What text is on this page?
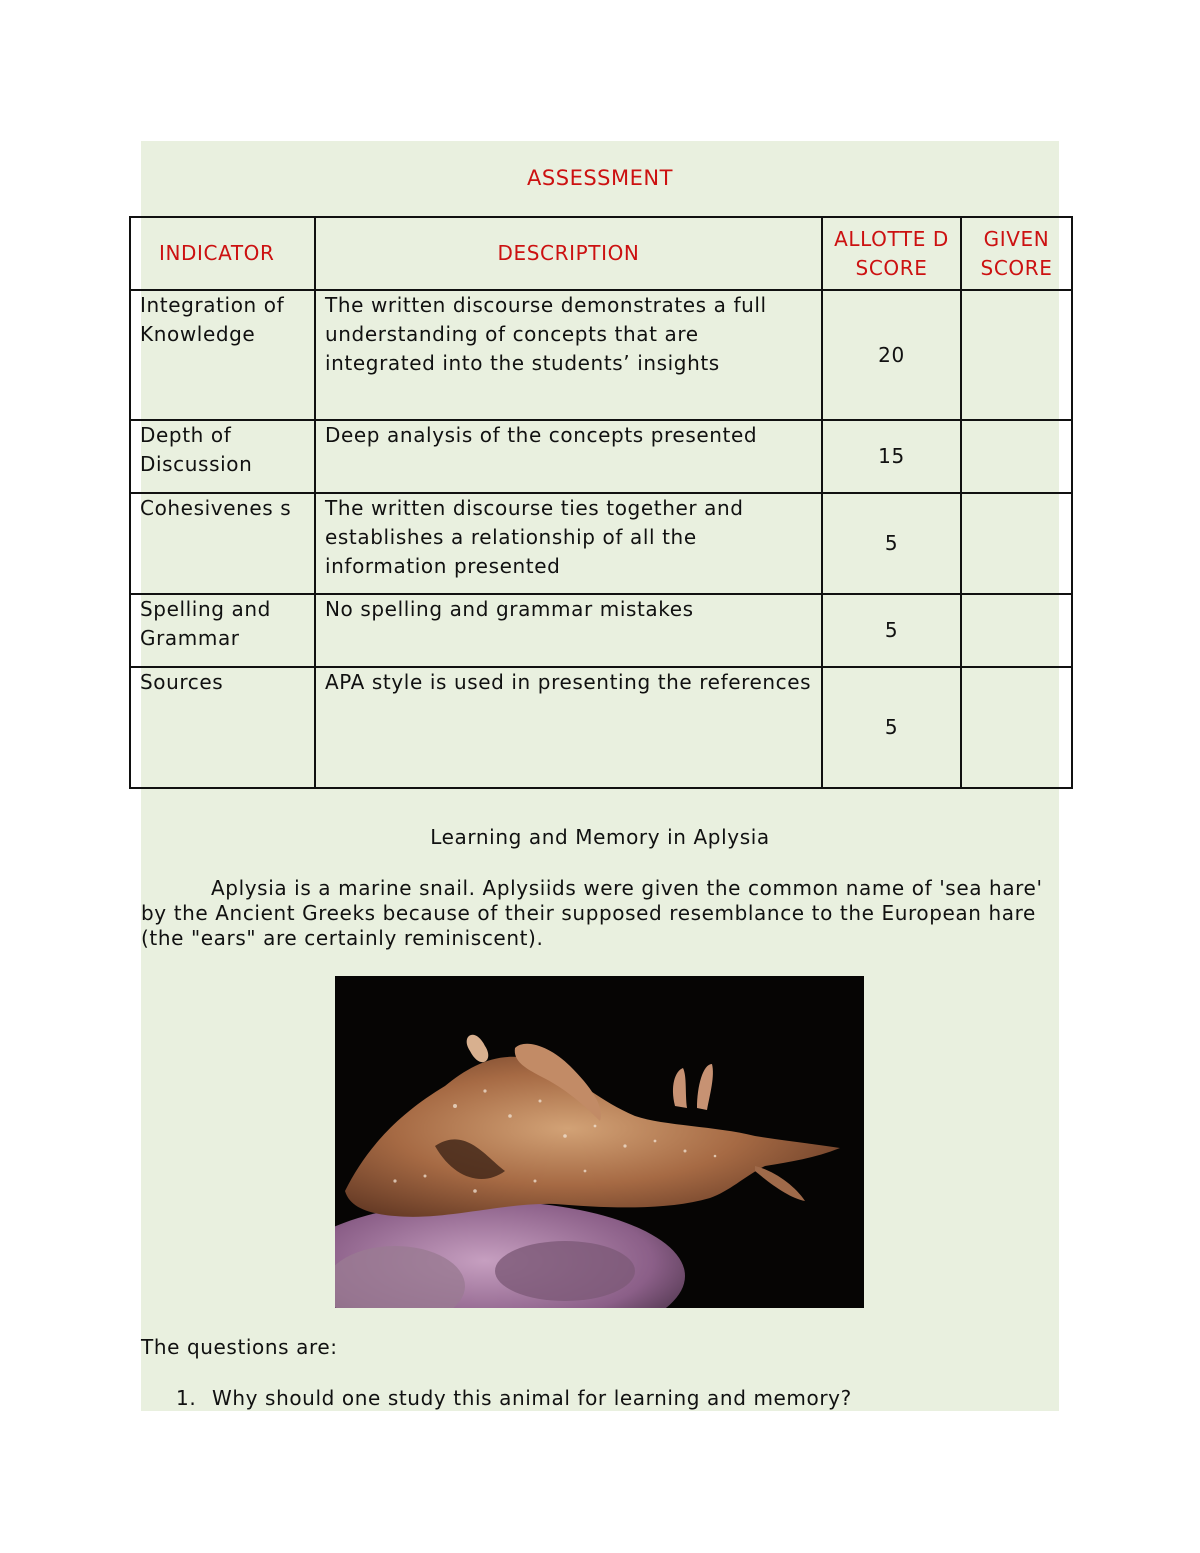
ASSESSMENT
INDICATOR	DESCRIPTION	ALLOTTE D SCORE	GIVEN SCORE
Integration of Knowledge	The written discourse demonstrates a full understanding of concepts that are integrated into the students’ insights	20	
Depth of Discussion	Deep analysis of the concepts presented	15	
Cohesivenes s	The written discourse ties together and establishes a relationship of all the information presented	5	
Spelling and Grammar	No spelling and grammar mistakes	5	
Sources	APA style is used in presenting the references	5	
Learning and Memory in Aplysia

Aplysia is a marine snail. Aplysiids were given the common name of 'sea hare' by the Ancient Greeks because of their supposed resemblance to the European hare (the "ears" are certainly reminiscent).

The questions are:
1. Why should one study this animal for learning and memory?
